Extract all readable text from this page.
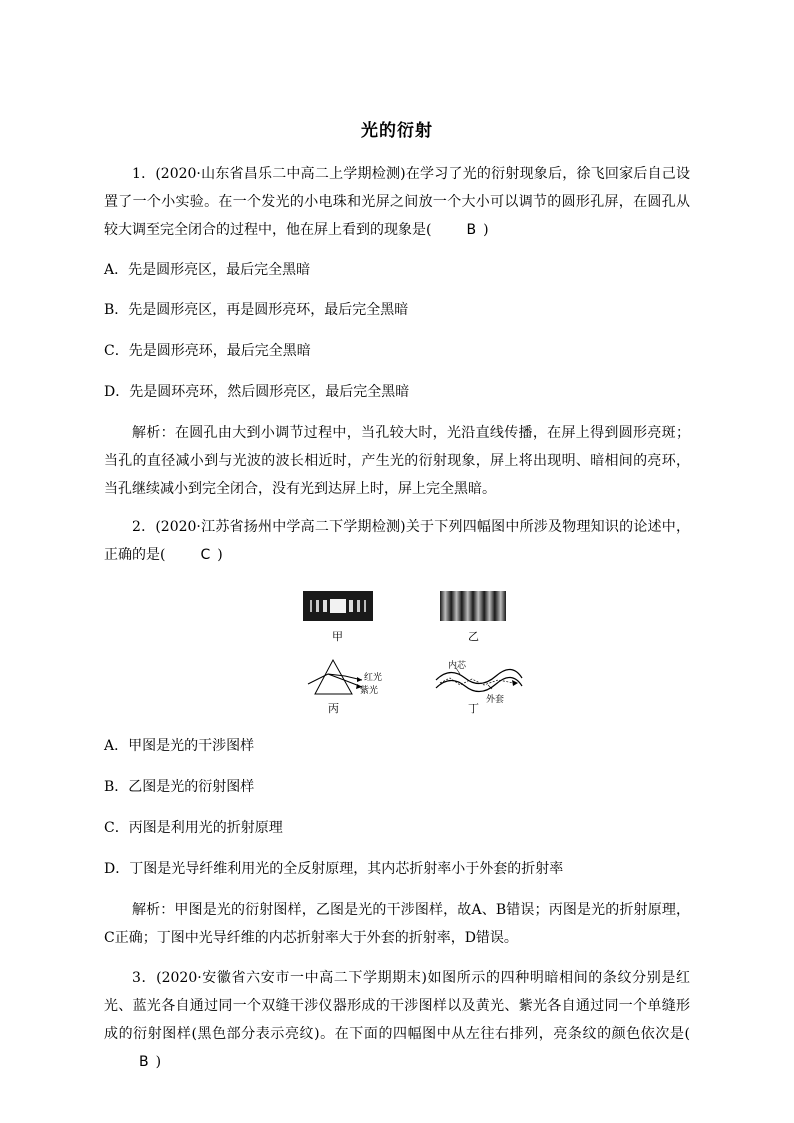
光的衍射
1．(2020·山东省昌乐二中高二上学期检测)在学习了光的衍射现象后，徐飞回家后自己设置了一个小实验。在一个发光的小电珠和光屏之间放一个大小可以调节的圆形孔屏，在圆孔从较大调至完全闭合的过程中，他在屏上看到的现象是(	B )
A．先是圆形亮区，最后完全黑暗
B．先是圆形亮区，再是圆形亮环，最后完全黑暗
C．先是圆形亮环，最后完全黑暗
D．先是圆环亮环，然后圆形亮区，最后完全黑暗
解析：在圆孔由大到小调节过程中，当孔较大时，光沿直线传播，在屏上得到圆形亮斑；当孔的直径减小到与光波的波长相近时，产生光的衍射现象，屏上将出现明、暗相间的亮环，当孔继续减小到完全闭合，没有光到达屏上时，屏上完全黑暗。
2．(2020·江苏省扬州中学高二下学期检测)关于下列四幅图中所涉及物理知识的论述中，正确的是(	C )
甲	乙
红光
紫光
内芯
外套
丙	丁
A．甲图是光的干涉图样
B．乙图是光的衍射图样
C．丙图是利用光的折射原理
D．丁图是光导纤维利用光的全反射原理，其内芯折射率小于外套的折射率
解析：甲图是光的衍射图样，乙图是光的干涉图样，故A、B错误；丙图是光的折射原理，C正确；丁图中光导纤维的内芯折射率大于外套的折射率，D错误。
3．(2020·安徽省六安市一中高二下学期期末)如图所示的四种明暗相间的条纹分别是红光、蓝光各自通过同一个双缝干涉仪器形成的干涉图样以及黄光、紫光各自通过同一个单缝形成的衍射图样(黑色部分表示亮纹)。在下面的四幅图中从左往右排列，亮条纹的颜色依次是(B )
